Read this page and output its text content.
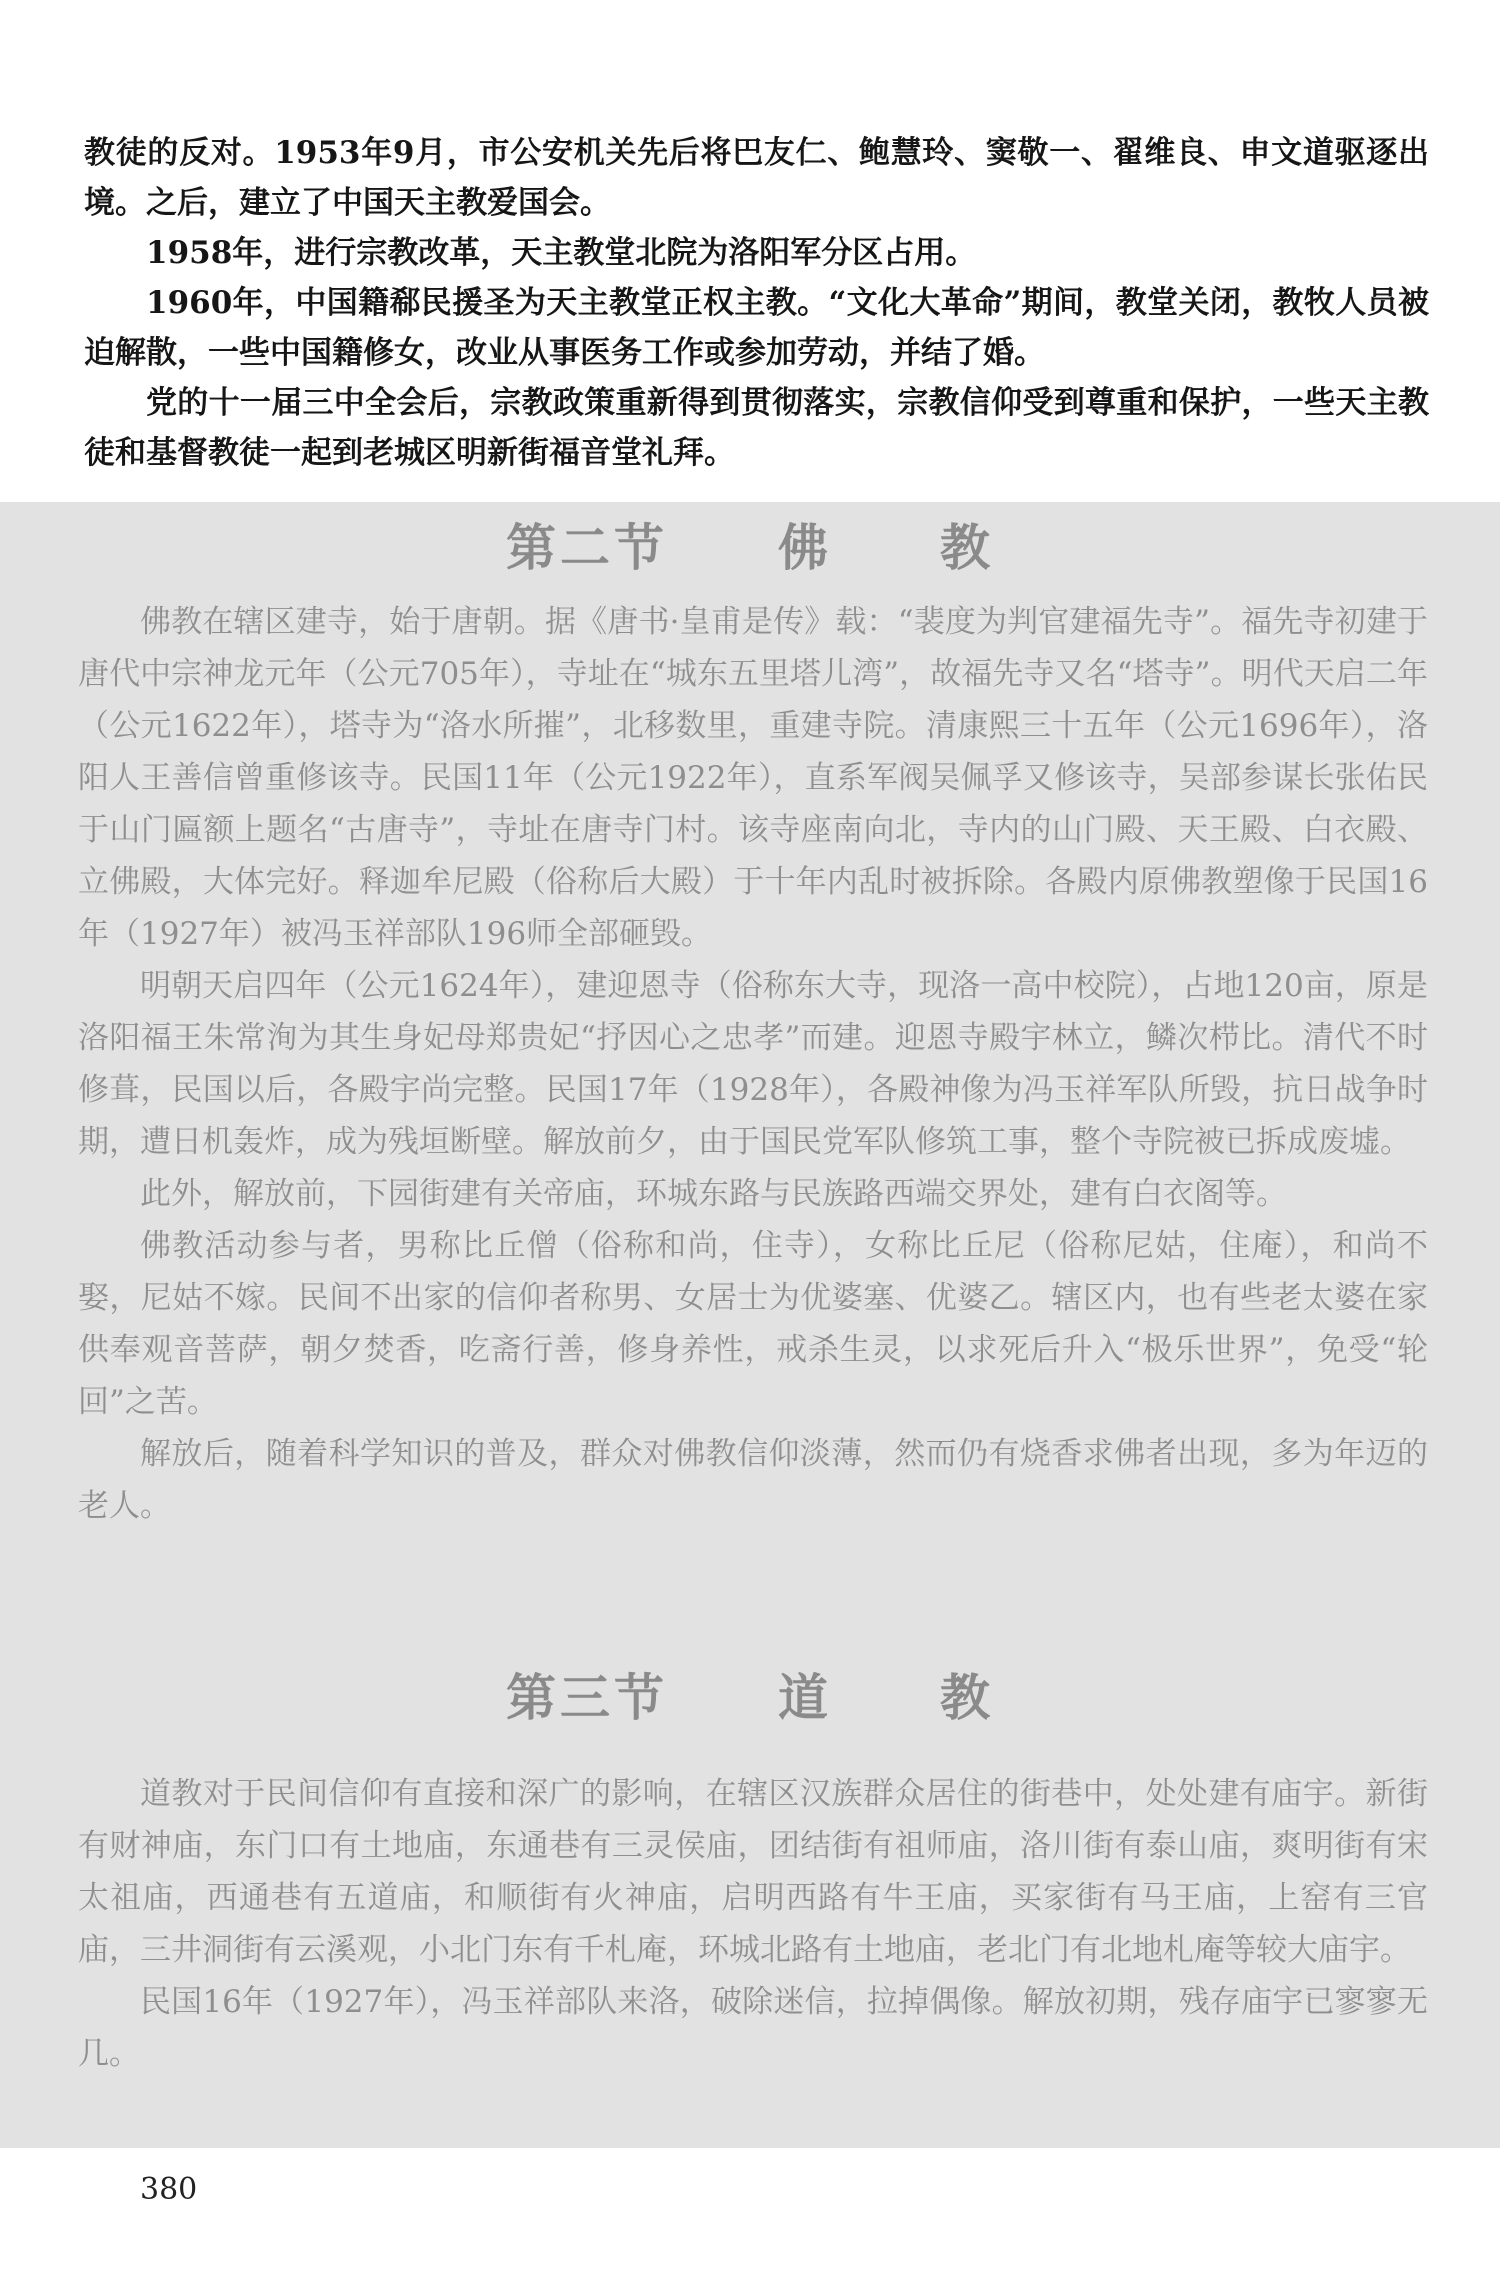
教徒的反对。1953年9月，市公安机关先后将巴友仁、鲍慧玲、窦敬一、翟维良、申文道驱逐出境。之后，建立了中国天主教爱国会。

1958年，进行宗教改革，天主教堂北院为洛阳军分区占用。

1960年，中国籍郗民援圣为天主教堂正权主教。“文化大革命”期间，教堂关闭，教牧人员被迫解散，一些中国籍修女，改业从事医务工作或参加劳动，并结了婚。

党的十一届三中全会后，宗教政策重新得到贯彻落实，宗教信仰受到尊重和保护，一些天主教徒和基督教徒一起到老城区明新街福音堂礼拜。

第二节 佛　　教

佛教在辖区建寺，始于唐朝。据《唐书·皇甫是传》载：“裴度为判官建福先寺”。福先寺初建于唐代中宗神龙元年（公元705年），寺址在“城东五里塔儿湾”，故福先寺又名“塔寺”。明代天启二年（公元1622年），塔寺为“洛水所摧”，北移数里，重建寺院。清康熙三十五年（公元1696年），洛阳人王善信曾重修该寺。民国11年（公元1922年），直系军阀吴佩孚又修该寺，吴部参谋长张佑民于山门匾额上题名“古唐寺”，寺址在唐寺门村。该寺座南向北，寺内的山门殿、天王殿、白衣殿、立佛殿，大体完好。释迦牟尼殿（俗称后大殿）于十年内乱时被拆除。各殿内原佛教塑像于民国16年（1927年）被冯玉祥部队196师全部砸毁。

明朝天启四年（公元1624年），建迎恩寺（俗称东大寺，现洛一高中校院），占地120亩，原是洛阳福王朱常洵为其生身妃母郑贵妃“抒因心之忠孝”而建。迎恩寺殿宇林立，鳞次栉比。清代不时修葺，民国以后，各殿宇尚完整。民国17年（1928年），各殿神像为冯玉祥军队所毁，抗日战争时期，遭日机轰炸，成为残垣断壁。解放前夕，由于国民党军队修筑工事，整个寺院被已拆成废墟。

此外，解放前，下园街建有关帝庙，环城东路与民族路西端交界处，建有白衣阁等。

佛教活动参与者，男称比丘僧（俗称和尚，住寺），女称比丘尼（俗称尼姑，住庵），和尚不娶，尼姑不嫁。民间不出家的信仰者称男、女居士为优婆塞、优婆乙。辖区内，也有些老太婆在家供奉观音菩萨，朝夕焚香，吃斋行善，修身养性，戒杀生灵，以求死后升入“极乐世界”，免受“轮回”之苦。

解放后，随着科学知识的普及，群众对佛教信仰淡薄，然而仍有烧香求佛者出现，多为年迈的老人。

第三节 道　　教

道教对于民间信仰有直接和深广的影响，在辖区汉族群众居住的街巷中，处处建有庙宇。新街有财神庙，东门口有土地庙，东通巷有三灵侯庙，团结街有祖师庙，洛川街有泰山庙，爽明街有宋太祖庙，西通巷有五道庙，和顺街有火神庙，启明西路有牛王庙，买家街有马王庙，上窑有三官庙，三井洞街有云溪观，小北门东有千札庵，环城北路有土地庙，老北门有北地札庵等较大庙宇。

民国16年（1927年），冯玉祥部队来洛，破除迷信，拉掉偶像。解放初期，残存庙宇已寥寥无几。

380
